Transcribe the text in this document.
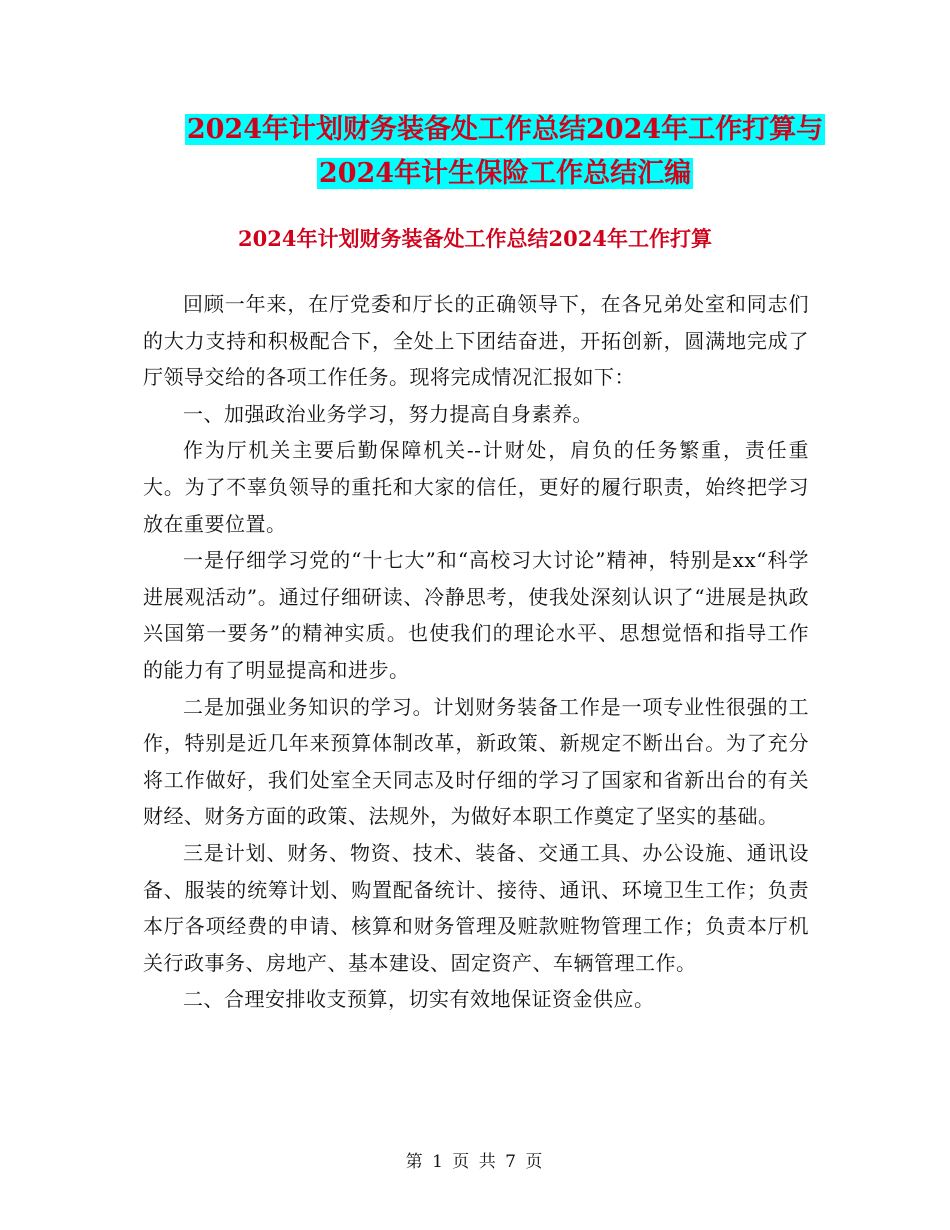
2024年计划财务装备处工作总结2024年工作打算与
2024年计生保险工作总结汇编
2024年计划财务装备处工作总结2024年工作打算

回顾一年来，在厅党委和厅长的正确领导下，在各兄弟处室和同志们的大力支持和积极配合下，全处上下团结奋进，开拓创新，圆满地完成了厅领导交给的各项工作任务。现将完成情况汇报如下：

一、加强政治业务学习，努力提高自身素养。

作为厅机关主要后勤保障机关--计财处，肩负的任务繁重，责任重大。为了不辜负领导的重托和大家的信任，更好的履行职责，始终把学习放在重要位置。

一是仔细学习党的“十七大”和“高校习大讨论”精神，特别是xx“科学进展观活动”。通过仔细研读、冷静思考，使我处深刻认识了“进展是执政兴国第一要务”的精神实质。也使我们的理论水平、思想觉悟和指导工作的能力有了明显提高和进步。

二是加强业务知识的学习。计划财务装备工作是一项专业性很强的工作，特别是近几年来预算体制改革，新政策、新规定不断出台。为了充分将工作做好，我们处室全天同志及时仔细的学习了国家和省新出台的有关财经、财务方面的政策、法规外，为做好本职工作奠定了坚实的基础。

三是计划、财务、物资、技术、装备、交通工具、办公设施、通讯设备、服装的统筹计划、购置配备统计、接待、通讯、环境卫生工作；负责本厅各项经费的申请、核算和财务管理及赃款赃物管理工作；负责本厅机关行政事务、房地产、基本建设、固定资产、车辆管理工作。

二、合理安排收支预算，切实有效地保证资金供应。

第 1 页 共 7 页
